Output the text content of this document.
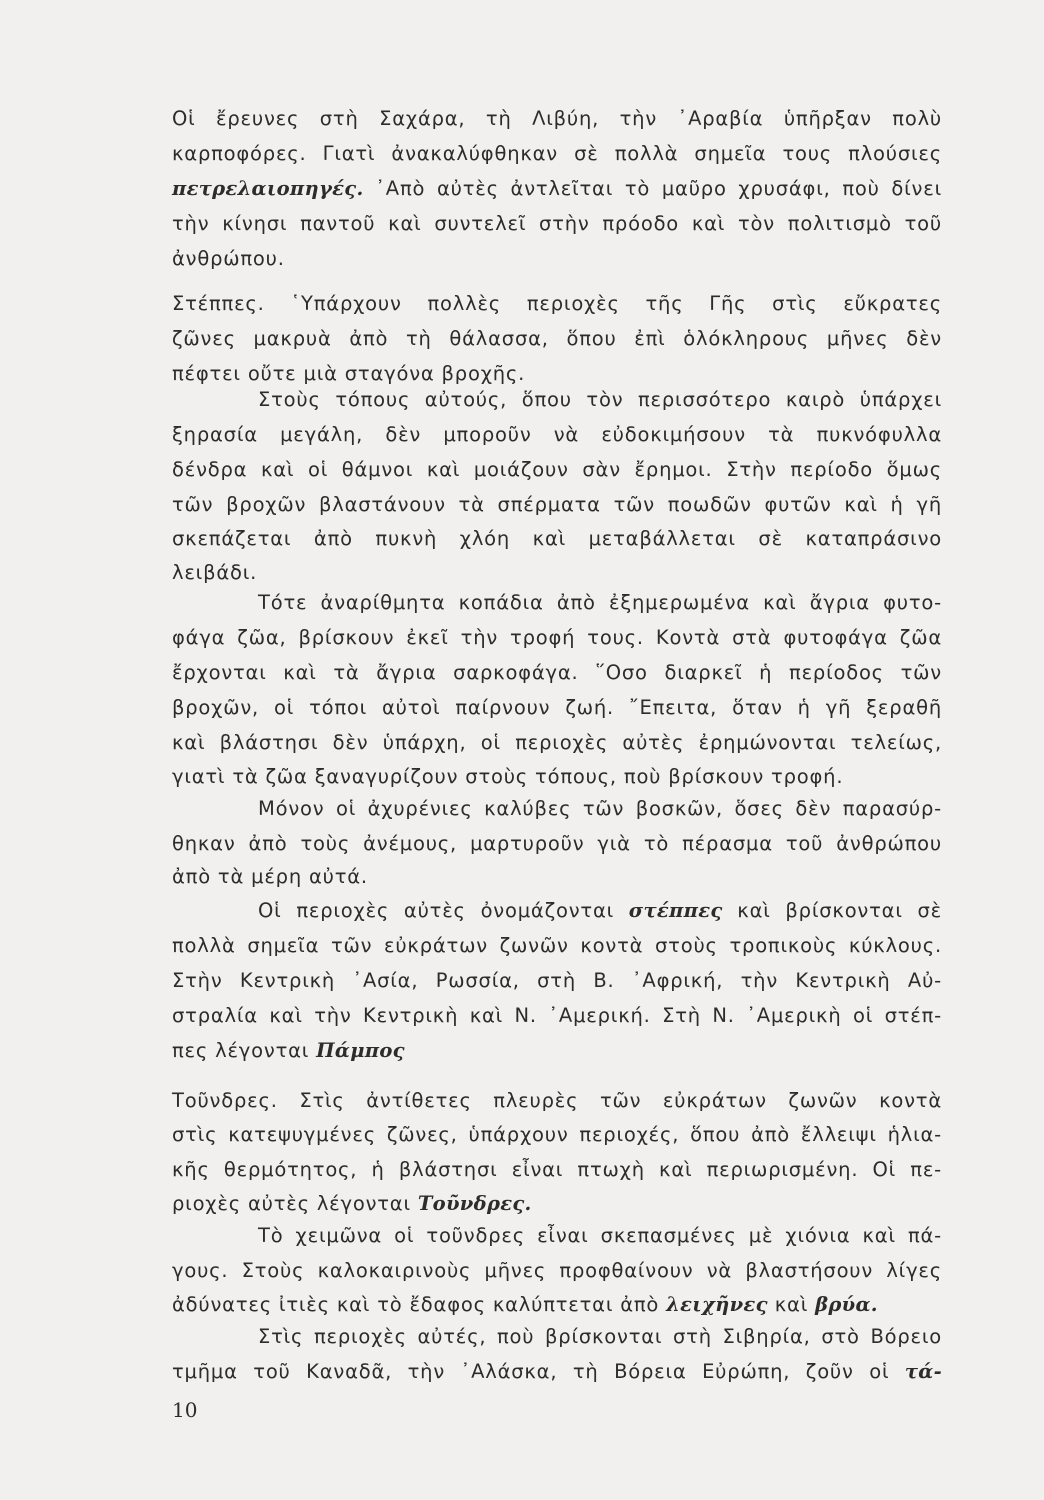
Οἱ ἔρευνες στὴ Σαχάρα, τὴ Λιβύη, τὴν ᾿Αραβία ὑπῆρξαν πολὺ
καρποφόρες. Γιατὶ ἀνακαλύφθηκαν σὲ πολλὰ σημεῖα τους πλούσιες
πετρελαιοπηγές. ᾿Απὸ αὐτὲς ἀντλεῖται τὸ μαῦρο χρυσάφι, ποὺ δίνει
τὴν κίνησι παντοῦ καὶ συντελεῖ στὴν πρόοδο καὶ τὸν πολιτισμὸ τοῦ
ἀνθρώπου.
Στέππες. ῾Υπάρχουν πολλὲς περιοχὲς τῆς Γῆς στὶς εὔκρατες
ζῶνες μακρυὰ ἀπὸ τὴ θάλασσα, ὅπου ἐπὶ ὁλόκληρους μῆνες δὲν
πέφτει οὔτε μιὰ σταγόνα βροχῆς.
Στοὺς τόπους αὐτούς, ὅπου τὸν περισσότερο καιρὸ ὑπάρχει
ξηρασία μεγάλη, δὲν μποροῦν νὰ εὐδοκιμήσουν τὰ πυκνόφυλλα
δένδρα καὶ οἱ θάμνοι καὶ μοιάζουν σὰν ἔρημοι. Στὴν περίοδο ὅμως
τῶν βροχῶν βλαστάνουν τὰ σπέρματα τῶν ποωδῶν φυτῶν καὶ ἡ γῆ
σκεπάζεται ἀπὸ πυκνὴ χλόη καὶ μεταβάλλεται σὲ καταπράσινο
λειβάδι.
Τότε ἀναρίθμητα κοπάδια ἀπὸ ἐξημερωμένα καὶ ἄγρια φυτο-
φάγα ζῶα, βρίσκουν ἐκεῖ τὴν τροφή τους. Κοντὰ στὰ φυτοφάγα ζῶα
ἔρχονται καὶ τὰ ἄγρια σαρκοφάγα. ῞Οσο διαρκεῖ ἡ περίοδος τῶν
βροχῶν, οἱ τόποι αὐτοὶ παίρνουν ζωή. ῎Επειτα, ὅταν ἡ γῆ ξεραθῆ
καὶ βλάστησι δὲν ὑπάρχη, οἱ περιοχὲς αὐτὲς ἐρημώνονται τελείως,
γιατὶ τὰ ζῶα ξαναγυρίζουν στοὺς τόπους, ποὺ βρίσκουν τροφή.
Μόνον οἱ ἀχυρένιες καλύβες τῶν βοσκῶν, ὅσες δὲν παρασύρ-
θηκαν ἀπὸ τοὺς ἀνέμους, μαρτυροῦν γιὰ τὸ πέρασμα τοῦ ἀνθρώπου
ἀπὸ τὰ μέρη αὐτά.
Οἱ περιοχὲς αὐτὲς ὀνομάζονται στέππες καὶ βρίσκονται σὲ
πολλὰ σημεῖα τῶν εὐκράτων ζωνῶν κοντὰ στοὺς τροπικοὺς κύκλους.
Στὴν Κεντρικὴ ᾿Ασία, Ρωσσία, στὴ Β. ᾿Αφρική, τὴν Κεντρικὴ Αὐ-
στραλία καὶ τὴν Κεντρικὴ καὶ Ν. ᾿Αμερική. Στὴ Ν. ᾿Αμερικὴ οἱ στέπ-
πες λέγονται Πάμπος
Τοῦνδρες. Στὶς ἀντίθετες πλευρὲς τῶν εὐκράτων ζωνῶν κοντὰ
στὶς κατεψυγμένες ζῶνες, ὑπάρχουν περιοχές, ὅπου ἀπὸ ἔλλειψι ἡλια-
κῆς θερμότητος, ἡ βλάστησι εἶναι πτωχὴ καὶ περιωρισμένη. Οἱ πε-
ριοχὲς αὐτὲς λέγονται Τοῦνδρες.
Τὸ χειμῶνα οἱ τοῦνδρες εἶναι σκεπασμένες μὲ χιόνια καὶ πά-
γους. Στοὺς καλοκαιρινοὺς μῆνες προφθαίνουν νὰ βλαστήσουν λίγες
ἀδύνατες ἰτιὲς καὶ τὸ ἔδαφος καλύπτεται ἀπὸ λειχῆνες καὶ βρύα.
Στὶς περιοχὲς αὐτές, ποὺ βρίσκονται στὴ Σιβηρία, στὸ Βόρειο
τμῆμα τοῦ Καναδᾶ, τὴν ᾿Αλάσκα, τὴ Βόρεια Εὐρώπη, ζοῦν οἱ τά-
10
